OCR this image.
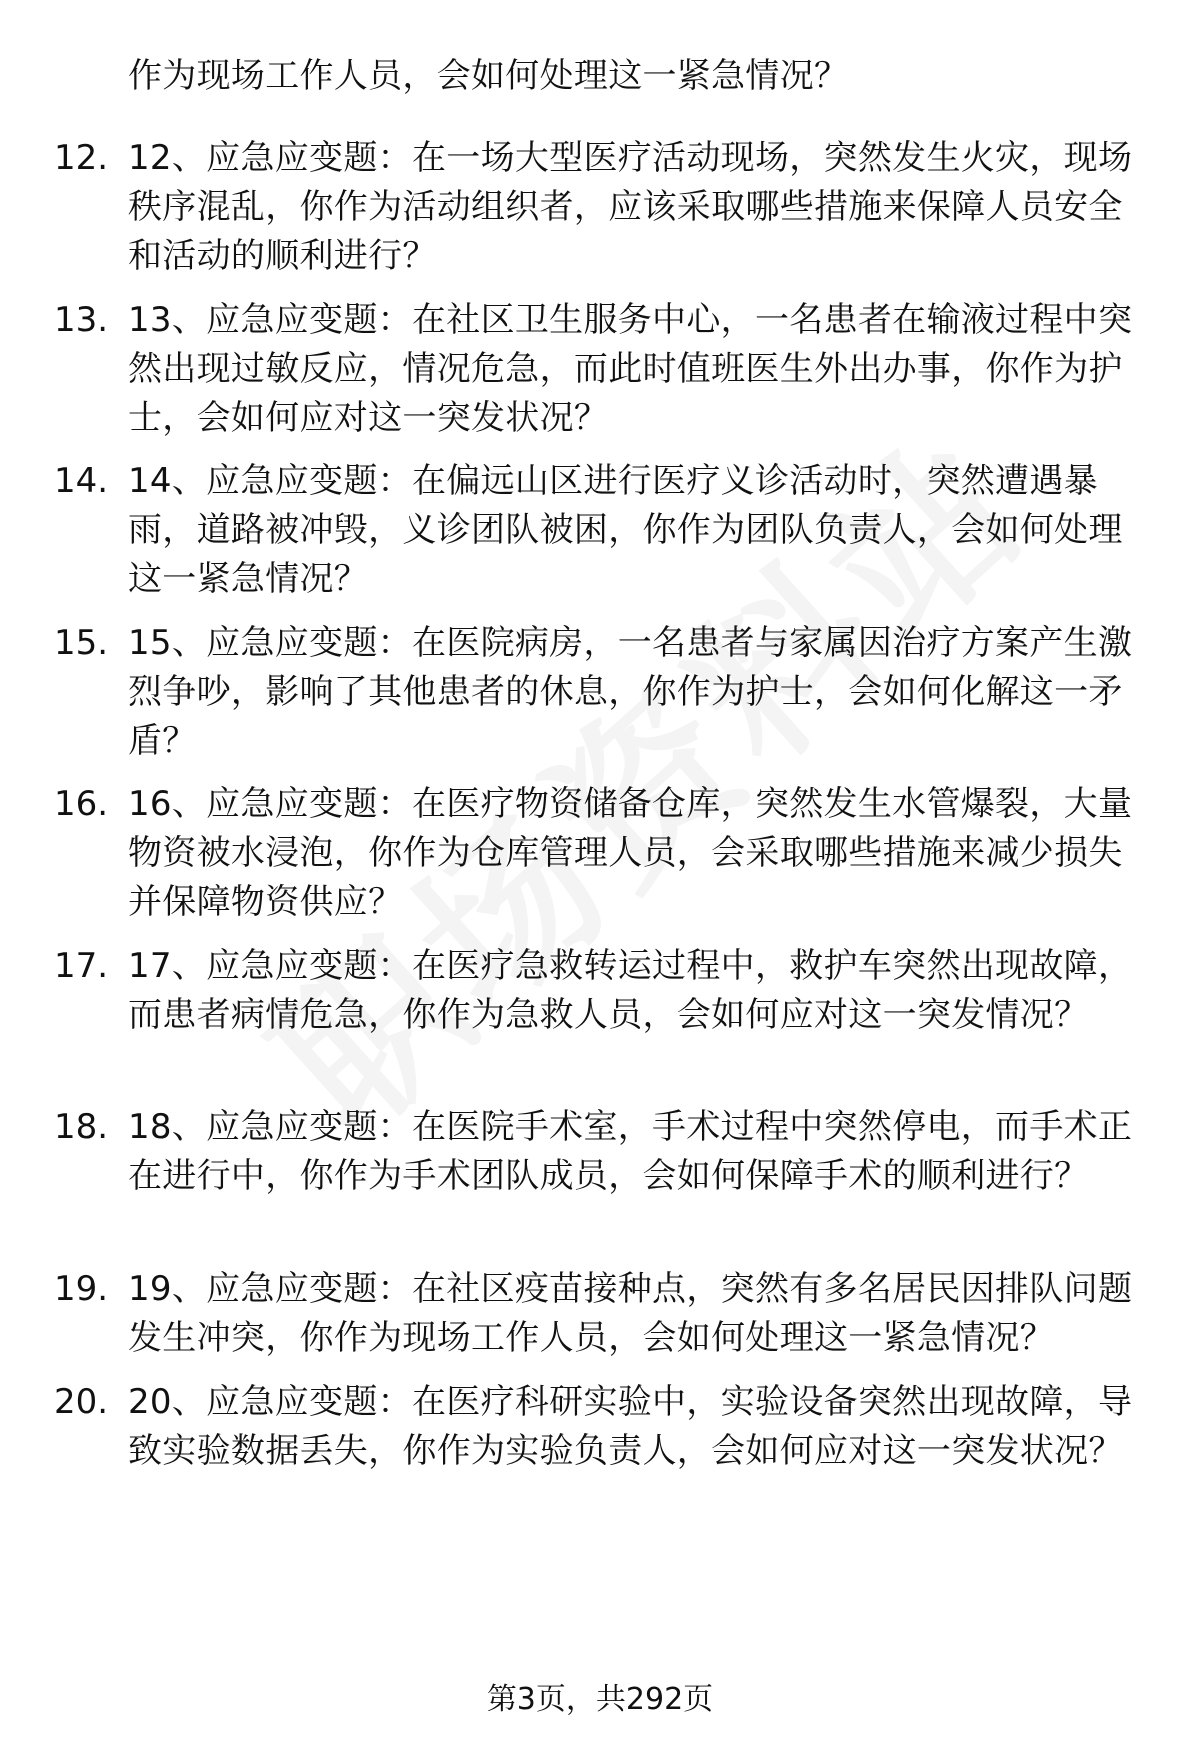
作为现场工作人员，会如何处理这一紧急情况？
12. 12、应急应变题：在一场大型医疗活动现场，突然发生火灾，现场秩序混乱，你作为活动组织者，应该采取哪些措施来保障人员安全和活动的顺利进行？
13. 13、应急应变题：在社区卫生服务中心，一名患者在输液过程中突然出现过敏反应，情况危急，而此时值班医生外出办事，你作为护士，会如何应对这一突发状况？
14. 14、应急应变题：在偏远山区进行医疗义诊活动时，突然遭遇暴雨，道路被冲毁，义诊团队被困，你作为团队负责人，会如何处理这一紧急情况？
15. 15、应急应变题：在医院病房，一名患者与家属因治疗方案产生激烈争吵，影响了其他患者的休息，你作为护士，会如何化解这一矛盾？
16. 16、应急应变题：在医疗物资储备仓库，突然发生水管爆裂，大量物资被水浸泡，你作为仓库管理人员，会采取哪些措施来减少损失并保障物资供应？
17. 17、应急应变题：在医疗急救转运过程中，救护车突然出现故障，而患者病情危急，你作为急救人员，会如何应对这一突发情况？
18. 18、应急应变题：在医院手术室，手术过程中突然停电，而手术正在进行中，你作为手术团队成员，会如何保障手术的顺利进行？
19. 19、应急应变题：在社区疫苗接种点，突然有多名居民因排队问题发生冲突，你作为现场工作人员，会如何处理这一紧急情况？
20. 20、应急应变题：在医疗科研实验中，实验设备突然出现故障，导致实验数据丢失，你作为实验负责人，会如何应对这一突发状况？
第3页，共292页
